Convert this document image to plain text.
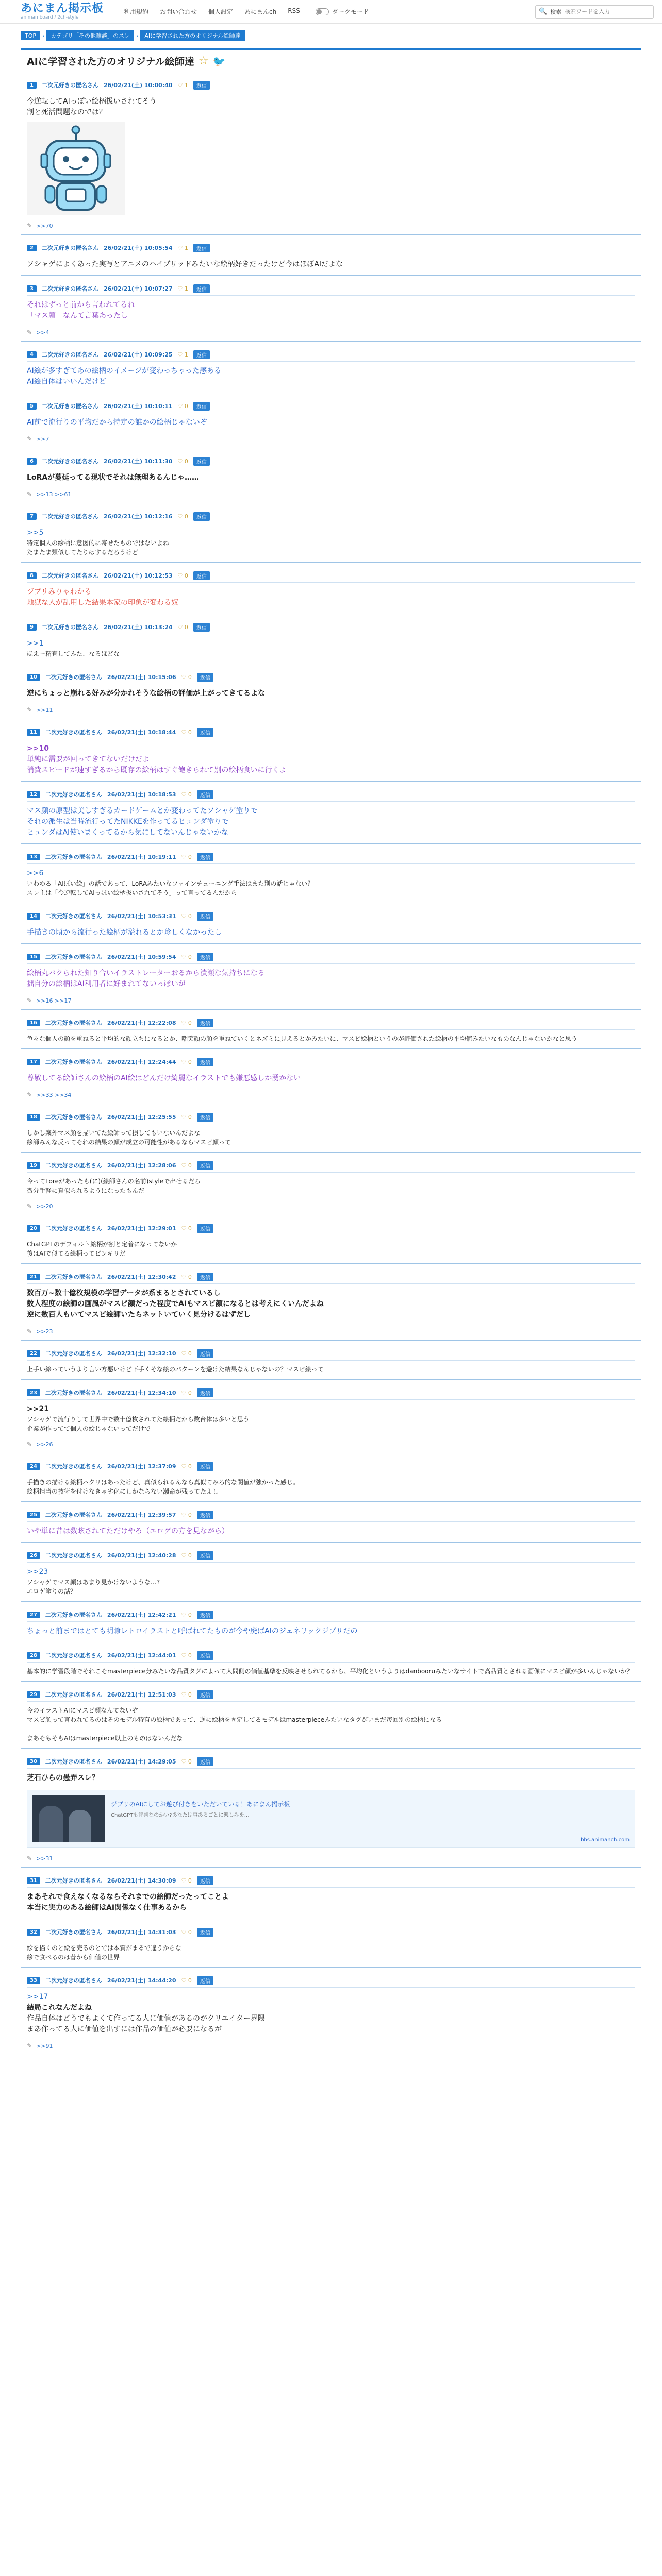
あにまん掲示板
animan board / 2ch-style
利用規約 お問い合わせ 個人設定 あにまんch RSS	ダークモード	🔍 検索
検索ワードを入力
TOP	›	カテゴリ「その他雑談」のスレ	›	AIに学習された方のオリジナル絵師達
AIに学習された方のオリジナル絵師達 ☆ 🐦
1	二次元好きの匿名さん 26/02/21(土) 10:00:40 ♡ 1	返信
今逆転してAIっぽい絵柄扱いされてそう
割と死活問題なのでは？
✎ >>70
2	二次元好きの匿名さん 26/02/21(土) 10:05:54 ♡ 1	返信
ソシャゲによくあった実写とアニメのハイブリッドみたいな絵柄好きだったけど今はほぼAIだよな
3	二次元好きの匿名さん 26/02/21(土) 10:07:27 ♡ 1	返信
それはずっと前から言われてるね
「マス顔」なんて言葉あったし
✎ >>4
4	二次元好きの匿名さん 26/02/21(土) 10:09:25 ♡ 1	返信
AI絵が多すぎてあの絵柄のイメージが変わっちゃった感ある
AI絵自体はいいんだけど
5	二次元好きの匿名さん 26/02/21(土) 10:10:11 ♡ 0	返信
AI前で流行りの平均だから特定の誰かの絵柄じゃないぞ
✎ >>7
6	二次元好きの匿名さん 26/02/21(土) 10:11:30 ♡ 0	返信
LoRAが蔓延ってる現状でそれは無理あるんじゃ……
✎ >>13 >>61
7	二次元好きの匿名さん 26/02/21(土) 10:12:16 ♡ 0	返信
>>5
特定個人の絵柄に意図的に寄せたものではないよね
たまたま類似してたりはするだろうけど
8	二次元好きの匿名さん 26/02/21(土) 10:12:53 ♡ 0	返信
ジブリみりゃわかる
地獄な人が乱用した結果本家の印象が変わる奴
9	二次元好きの匿名さん 26/02/21(土) 10:13:24 ♡ 0	返信
>>1
ほえー精査してみた、なるほどな
10	二次元好きの匿名さん 26/02/21(土) 10:15:06 ♡ 0	返信
逆にちょっと崩れる好みが分かれそうな絵柄の評価が上がってきてるよな
✎ >>11
11	二次元好きの匿名さん 26/02/21(土) 10:18:44 ♡ 0	返信
>>10
単純に需要が回ってきてないだけだよ
消費スピードが速すぎるから既存の絵柄はすぐ飽きられて別の絵柄食いに行くよ
12	二次元好きの匿名さん 26/02/21(土) 10:18:53 ♡ 0	返信
マス顔の原型は美しすぎるカードゲームとか変わってたソシャゲ塗りで
それの派生は当時流行ってたNIKKEを作ってるヒュンダ塗りで
ヒュンダはAI使いまくってるから気にしてないんじゃないかな
13	二次元好きの匿名さん 26/02/21(土) 10:19:11 ♡ 0	返信
>>6
いわゆる「AIぽい絵」の話であって、LoRAみたいなファインチューニング手法はまた別の話じゃない？
スレ主は「今逆転してAIっぽい絵柄扱いされてそう」って言ってるんだから
14	二次元好きの匿名さん 26/02/21(土) 10:53:31 ♡ 0	返信
手描きの頃から流行った絵柄が溢れるとか珍しくなかったし
15	二次元好きの匿名さん 26/02/21(土) 10:59:54 ♡ 0	返信
絵柄丸パクられた知り合いイラストレーターおるから潰瀬な気持ちになる
拙自分の絵柄はAI利用者に好まれてないっぽいが
✎ >>16 >>17
16	二次元好きの匿名さん 26/02/21(土) 12:22:08 ♡ 0	返信
色々な個人の顔を重ねると平均的な顔立ちになるとか、嘲笑顔の顔を重ねていくとネズミに見えるとかみたいに、マスビ絵柄というのが評価された絵柄の平均値みたいなものなんじゃないかなと思う
17	二次元好きの匿名さん 26/02/21(土) 12:24:44 ♡ 0	返信
尊敬してる絵師さんの絵柄のAI絵はどんだけ綺麗なイラストでも嫌悪感しか湧かない
✎ >>33 >>34
18	二次元好きの匿名さん 26/02/21(土) 12:25:55 ♡ 0	返信
しかし案外マス顔を描いてた絵師って損してもいないんだよな
絵師みんな反ってそれの結果の顔が成立の可能性があるならマスビ顔って
19	二次元好きの匿名さん 26/02/21(土) 12:28:06 ♡ 0	返信
今ってLoreがあったも(に)(絵師さんの名前)styleで出せるだろ
微分手軽に真似られるようになったもんだ
✎ >>20
20	二次元好きの匿名さん 26/02/21(土) 12:29:01 ♡ 0	返信
ChatGPTのデフォルト絵柄が割と定着になってないか
後はAIで似てる絵柄ってピンキリだ
21	二次元好きの匿名さん 26/02/21(土) 12:30:42 ♡ 0	返信
数百万~数十億枚規模の学習データが系まるとされているし
数人程度の絵師の画風がマスビ顔だった程度でAIもマスビ顔になるとは考えにくいんだよね
逆に数百人もいてマスビ絵師いたらネットいていく見分けるはずだし
✎ >>23
22	二次元好きの匿名さん 26/02/21(土) 12:32:10 ♡ 0	返信
上手い絵っていうより言い方悪いけど下手くそな絵のパターンを避けた結果なんじゃないの？マスビ絵って
23	二次元好きの匿名さん 26/02/21(土) 12:34:10 ♡ 0	返信
>>21
ソシャゲで流行りして世界中で数十億枚されてた絵柄だから数台体は多いと思う
企業が作ってて個人の絵じゃないってだけで
✎ >>26
24	二次元好きの匿名さん 26/02/21(土) 12:37:09 ♡ 0	返信
手描きの描ける絵柄パクリはあったけど、真似られるんなら真似てみろ的な閾値が強かった感じ。
絵柄担当の技術を付けなきゃ劣化にしかならない瀬命が残ってたよし
25	二次元好きの匿名さん 26/02/21(土) 12:39:57 ♡ 0	返信
いや単に昔は数眩されてただけやろ（エロゲの方を見ながら）
26	二次元好きの匿名さん 26/02/21(土) 12:40:28 ♡ 0	返信
>>23
ソシャゲでマス顔はあまり見かけないような…?
エロゲ塗りの話？
27	二次元好きの匿名さん 26/02/21(土) 12:42:21 ♡ 0	返信
ちょっと前まではとても明瞭レトロイラストと呼ばれてたものが今や廃ばAIのジェネリックジブリだの
28	二次元好きの匿名さん 26/02/21(土) 12:44:01 ♡ 0	返信
基本的に学習段階でそれこそmasterpiece分みたいな品質タグによって人間側の価値基準を反映させられてるから、平均化というよりはdanbooruみたいなサイトで高品質とされる画像にマスビ顔が多いんじゃないか？
29	二次元好きの匿名さん 26/02/21(土) 12:51:03 ♡ 0	返信
今のイラストAIにマスビ顔なんてないぞ
マスビ顔って言われてるのはそのモデル特有の絵柄であって、逆に絵柄を固定してるモデルはmasterpieceみたいなタグがいまだ毎回別の絵柄になる

まあそもそもAIはmasterpiece以上のものはないんだな
30	二次元好きの匿名さん 26/02/21(土) 14:29:05 ♡ 0	返信
芝石ひらの愚弄スレ？
ジブリのAIにしてお遊び付きをいただいている！あにまん掲示板
ChatGPTも評判なのかい?あなたは事あるごとに楽しみを…
bbs.animanch.com
✎ >>31
31	二次元好きの匿名さん 26/02/21(土) 14:30:09 ♡ 0	返信
まあそれで食えなくなるならそれまでの絵師だったってことよ
本当に実力のある絵師はAI関係なく仕事あるから
32	二次元好きの匿名さん 26/02/21(土) 14:31:03 ♡ 0	返信
絵を描くのと絵を売るのとでは本質がまるで違うからな
絵で食べるのは昔から価値の世界
33	二次元好きの匿名さん 26/02/21(土) 14:44:20 ♡ 0	返信
>>17
結局これなんだよね
作品自体はどうでもよくて作ってる人に価値があるのがクリエイター界隈
まあ作ってる人に価値を出すには作品の価値が必要になるが
✎ >>91
